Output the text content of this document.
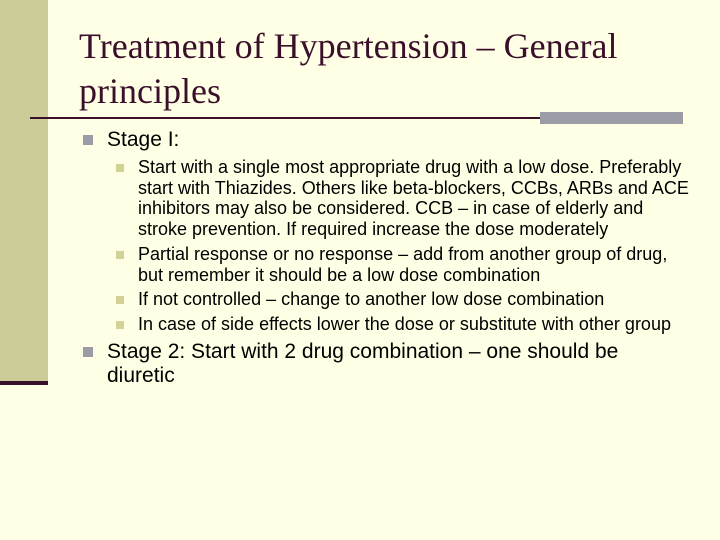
Treatment of Hypertension – General principles
Stage I:
Start with a single most appropriate drug with a low dose. Preferably start with Thiazides. Others like beta-blockers, CCBs, ARBs and ACE inhibitors may also be considered. CCB – in case of elderly and stroke prevention. If required increase the dose moderately
Partial response or no response – add from another group of drug, but remember it should be a low dose combination
If not controlled – change to another low dose combination
In case of side effects lower the dose or substitute with other group
Stage 2: Start with 2 drug combination – one should be diuretic
